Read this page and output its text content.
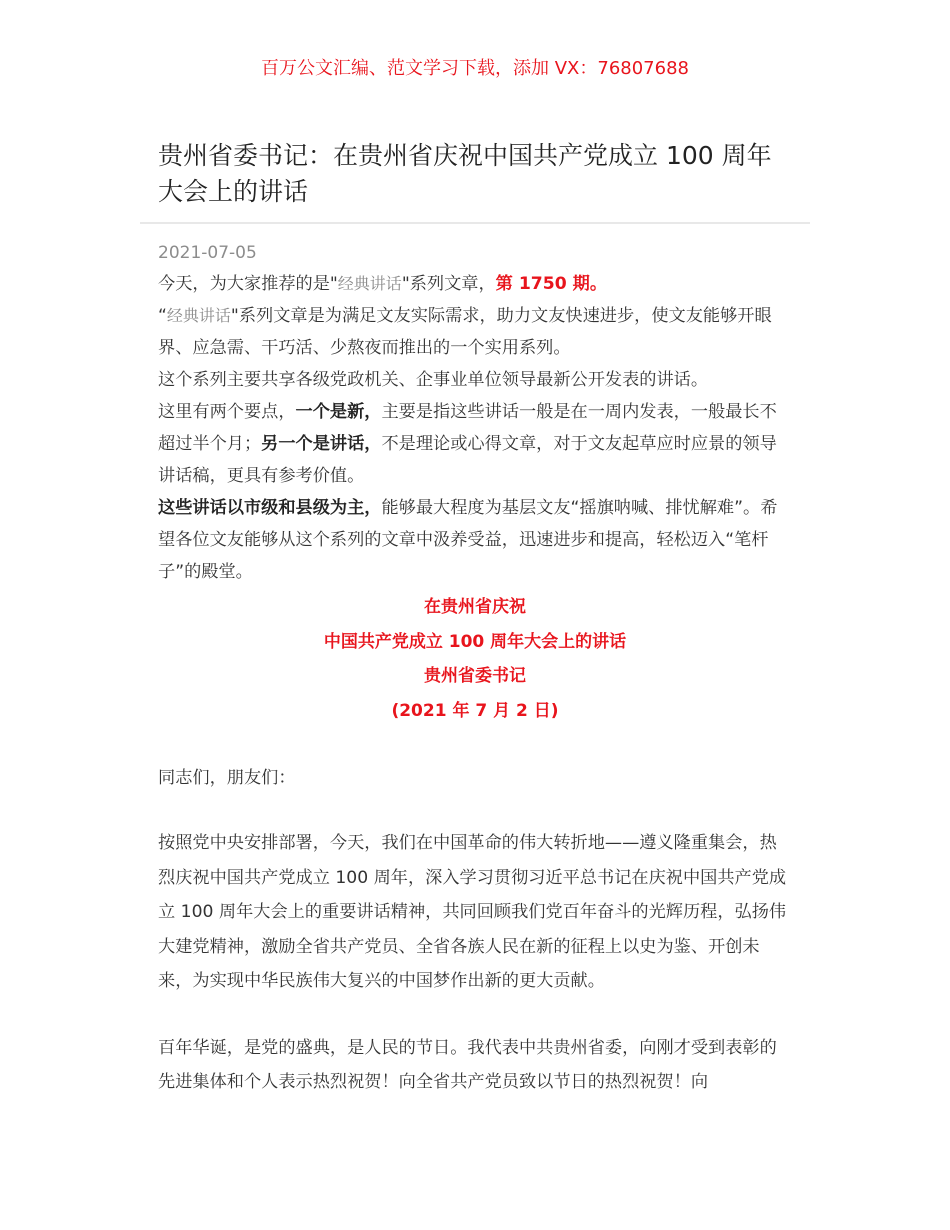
百万公文汇编、范文学习下载，添加 VX：76807688
贵州省委书记：在贵州省庆祝中国共产党成立 100 周年大会上的讲话
2021-07-05

今天，为大家推荐的是"经典讲话"系列文章，第 1750 期。

“经典讲话"系列文章是为满足文友实际需求，助力文友快速进步，使文友能够开眼界、应急需、干巧活、少熬夜而推出的一个实用系列。

这个系列主要共享各级党政机关、企事业单位领导最新公开发表的讲话。

这里有两个要点，一个是新，主要是指这些讲话一般是在一周内发表，一般最长不超过半个月；另一个是讲话，不是理论或心得文章，对于文友起草应时应景的领导讲话稿，更具有参考价值。

这些讲话以市级和县级为主，能够最大程度为基层文友“摇旗呐喊、排忧解难”。希望各位文友能够从这个系列的文章中汲养受益，迅速进步和提高，轻松迈入“笔杆子”的殿堂。

在贵州省庆祝
中国共产党成立 100 周年大会上的讲话
贵州省委书记
(2021 年 7 月 2 日)

同志们，朋友们：

按照党中央安排部署，今天，我们在中国革命的伟大转折地——遵义隆重集会，热烈庆祝中国共产党成立 100 周年，深入学习贯彻习近平总书记在庆祝中国共产党成立 100 周年大会上的重要讲话精神，共同回顾我们党百年奋斗的光辉历程，弘扬伟大建党精神，激励全省共产党员、全省各族人民在新的征程上以史为鉴、开创未来，为实现中华民族伟大复兴的中国梦作出新的更大贡献。

百年华诞，是党的盛典，是人民的节日。我代表中共贵州省委，向刚才受到表彰的先进集体和个人表示热烈祝贺！向全省共产党员致以节日的热烈祝贺！向
